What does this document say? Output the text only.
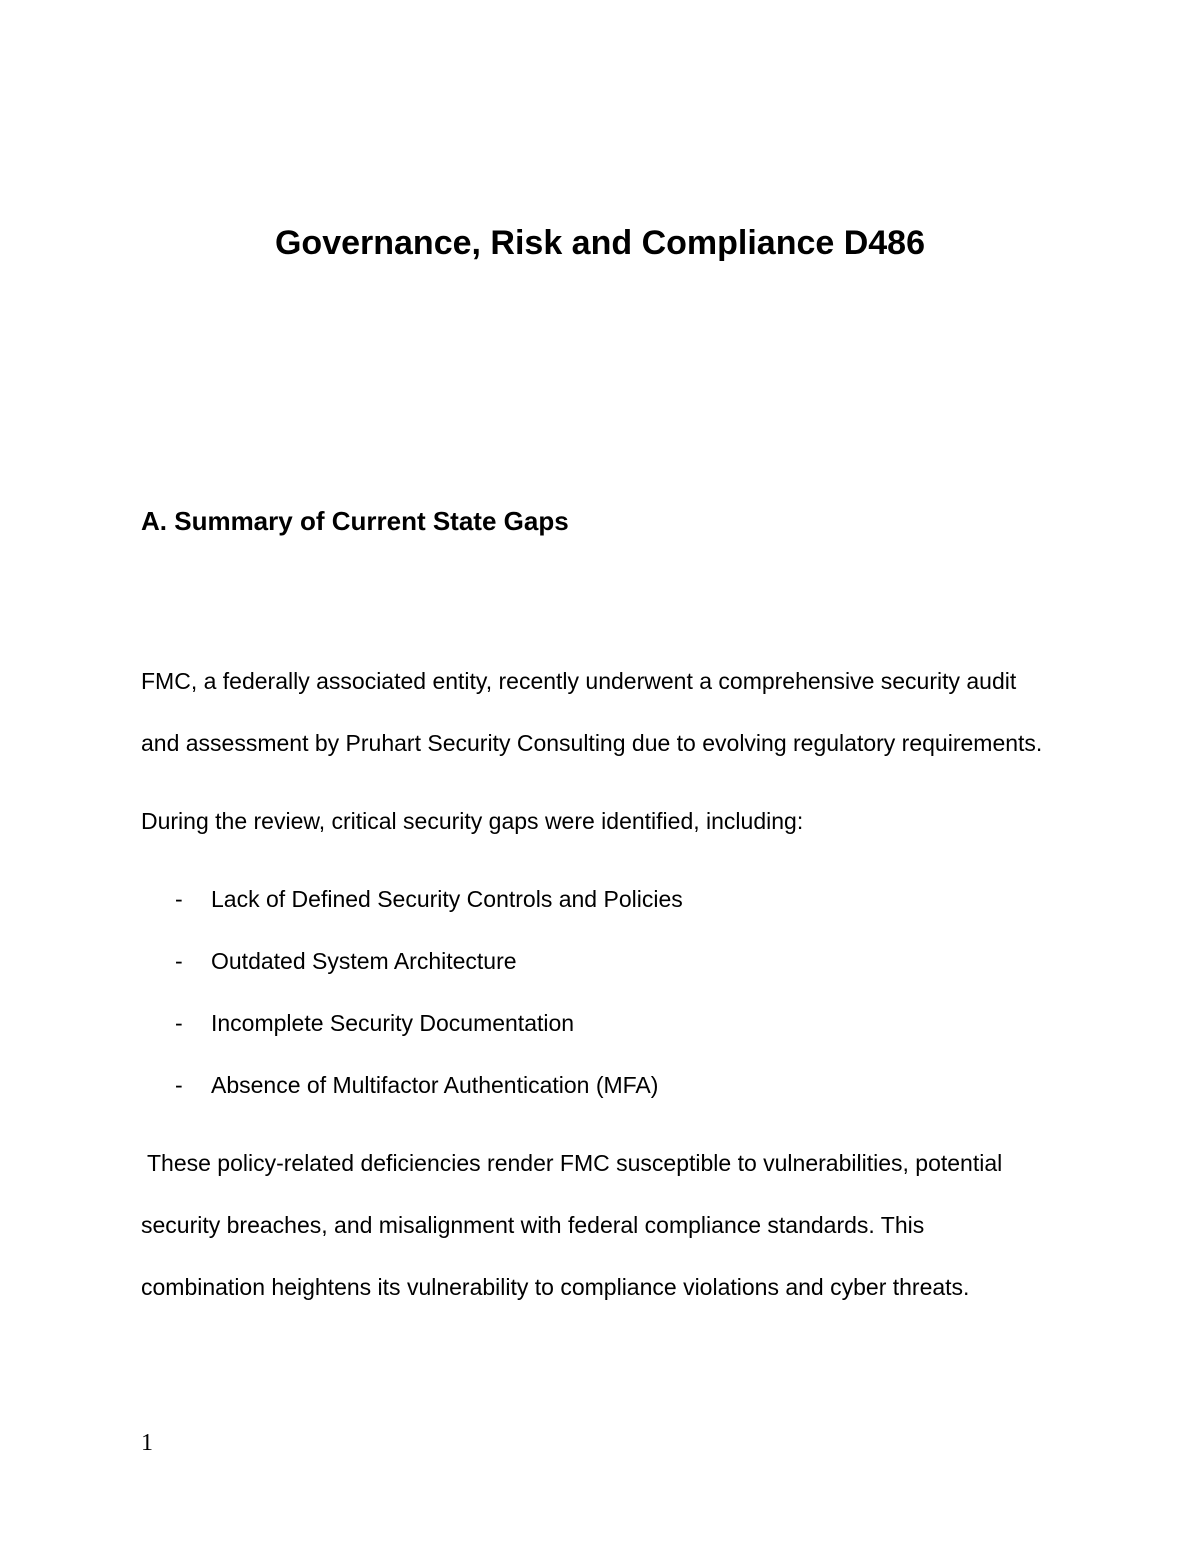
Governance, Risk and Compliance D486
A. Summary of Current State Gaps
FMC, a federally associated entity, recently underwent a comprehensive security audit
and assessment by Pruhart Security Consulting due to evolving regulatory requirements.
During the review, critical security gaps were identified, including:
- Lack of Defined Security Controls and Policies
- Outdated System Architecture
- Incomplete Security Documentation
- Absence of Multifactor Authentication (MFA)
These policy-related deficiencies render FMC susceptible to vulnerabilities, potential
security breaches, and misalignment with federal compliance standards. This
combination heightens its vulnerability to compliance violations and cyber threats.
1
